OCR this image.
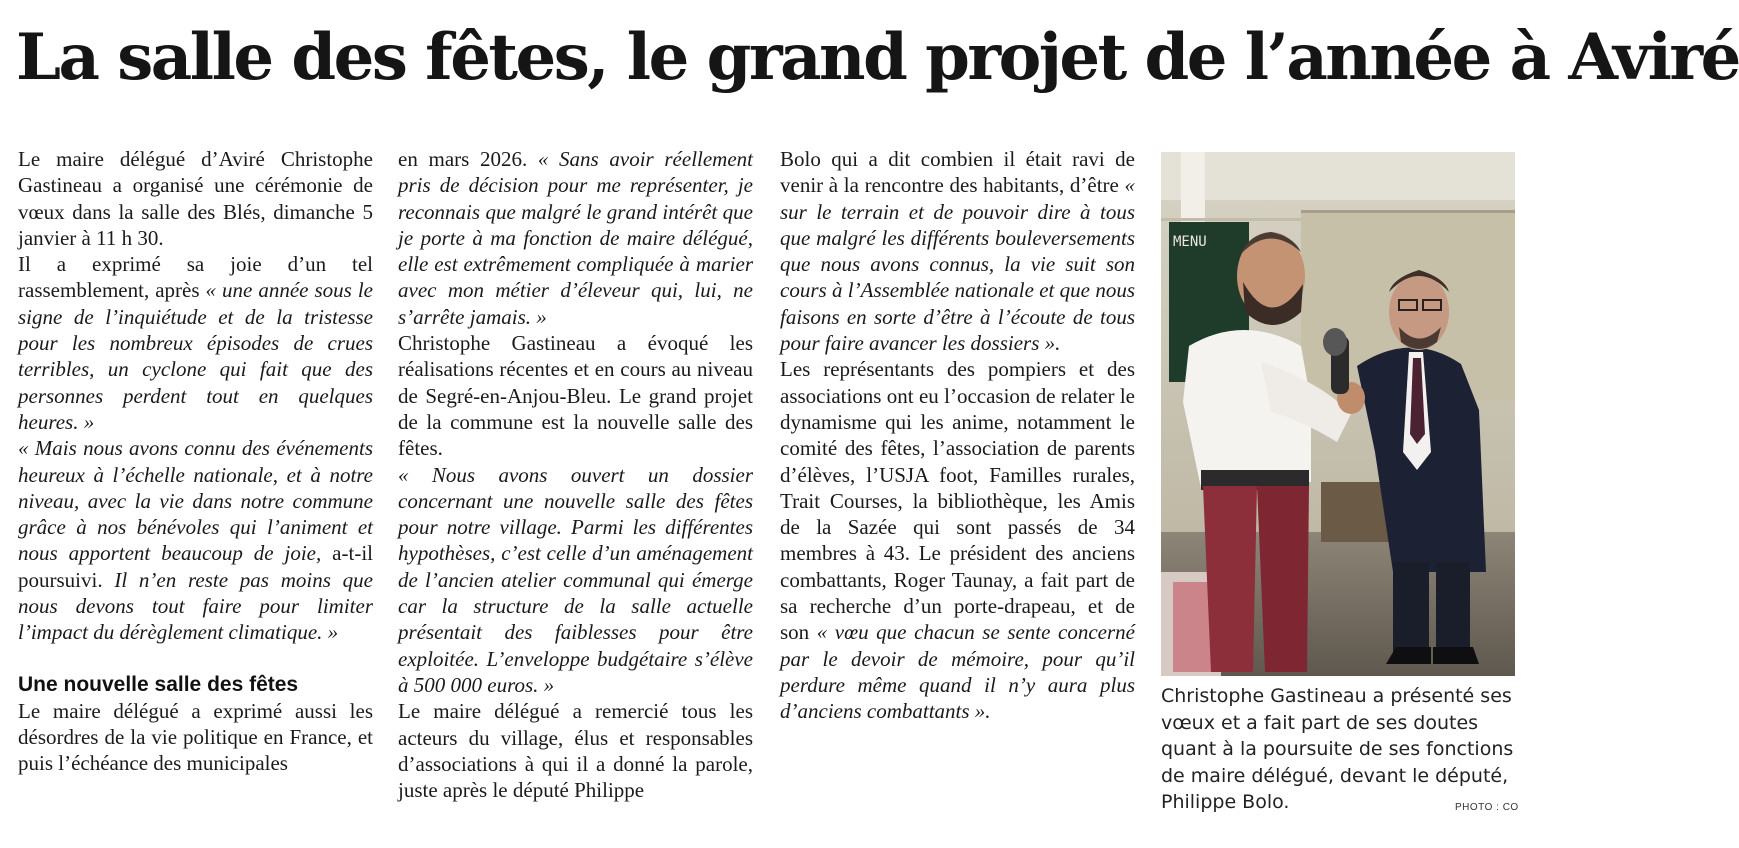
La salle des fêtes, le grand projet de l’année à Aviré

Le maire délégué d’Aviré Christophe Gastineau a organisé une cérémonie de vœux dans la salle des Blés, dimanche 5 janvier à 11 h 30.

Il a exprimé sa joie d’un tel rassemblement, après « une année sous le signe de l’inquiétude et de la tristesse pour les nombreux épisodes de crues terribles, un cyclone qui fait que des personnes perdent tout en quelques heures. »

« Mais nous avons connu des événements heureux à l’échelle nationale, et à notre niveau, avec la vie dans notre commune grâce à nos bénévoles qui l’animent et nous apportent beaucoup de joie, a-t-il poursuivi. Il n’en reste pas moins que nous devons tout faire pour limiter l’impact du dérèglement climatique. »

Une nouvelle salle des fêtes

Le maire délégué a exprimé aussi les désordres de la vie politique en France, et puis l’échéance des municipales

en mars 2026. « Sans avoir réellement pris de décision pour me représenter, je reconnais que malgré le grand intérêt que je porte à ma fonction de maire délégué, elle est extrêmement compliquée à marier avec mon métier d’éleveur qui, lui, ne s’arrête jamais. »

Christophe Gastineau a évoqué les réalisations récentes et en cours au niveau de Segré-en-Anjou-Bleu. Le grand projet de la commune est la nouvelle salle des fêtes.

« Nous avons ouvert un dossier concernant une nouvelle salle des fêtes pour notre village. Parmi les différentes hypothèses, c’est celle d’un aménagement de l’ancien atelier communal qui émerge car la structure de la salle actuelle présentait des faiblesses pour être exploitée. L’enveloppe budgétaire s’élève à 500 000 euros. »

Le maire délégué a remercié tous les acteurs du village, élus et responsables d’associations à qui il a donné la parole, juste après le député Philippe

Bolo qui a dit combien il était ravi de venir à la rencontre des habitants, d’être « sur le terrain et de pouvoir dire à tous que malgré les différents bouleversements que nous avons connus, la vie suit son cours à l’Assemblée nationale et que nous faisons en sorte d’être à l’écoute de tous pour faire avancer les dossiers ».

Les représentants des pompiers et des associations ont eu l’occasion de relater le dynamisme qui les anime, notamment le comité des fêtes, l’association de parents d’élèves, l’USJA foot, Familles rurales, Trait Courses, la bibliothèque, les Amis de la Sazée qui sont passés de 34 membres à 43. Le président des anciens combattants, Roger Taunay, a fait part de sa recherche d’un porte-drapeau, et de son « vœu que chacun se sente concerné par le devoir de mémoire, pour qu’il perdure même quand il n’y aura plus d’anciens combattants ».

MENU

Christophe Gastineau a présenté ses vœux et a fait part de ses doutes quant à la poursuite de ses fonctions de maire délégué, devant le député, Philippe Bolo.	PHOTO : CO
